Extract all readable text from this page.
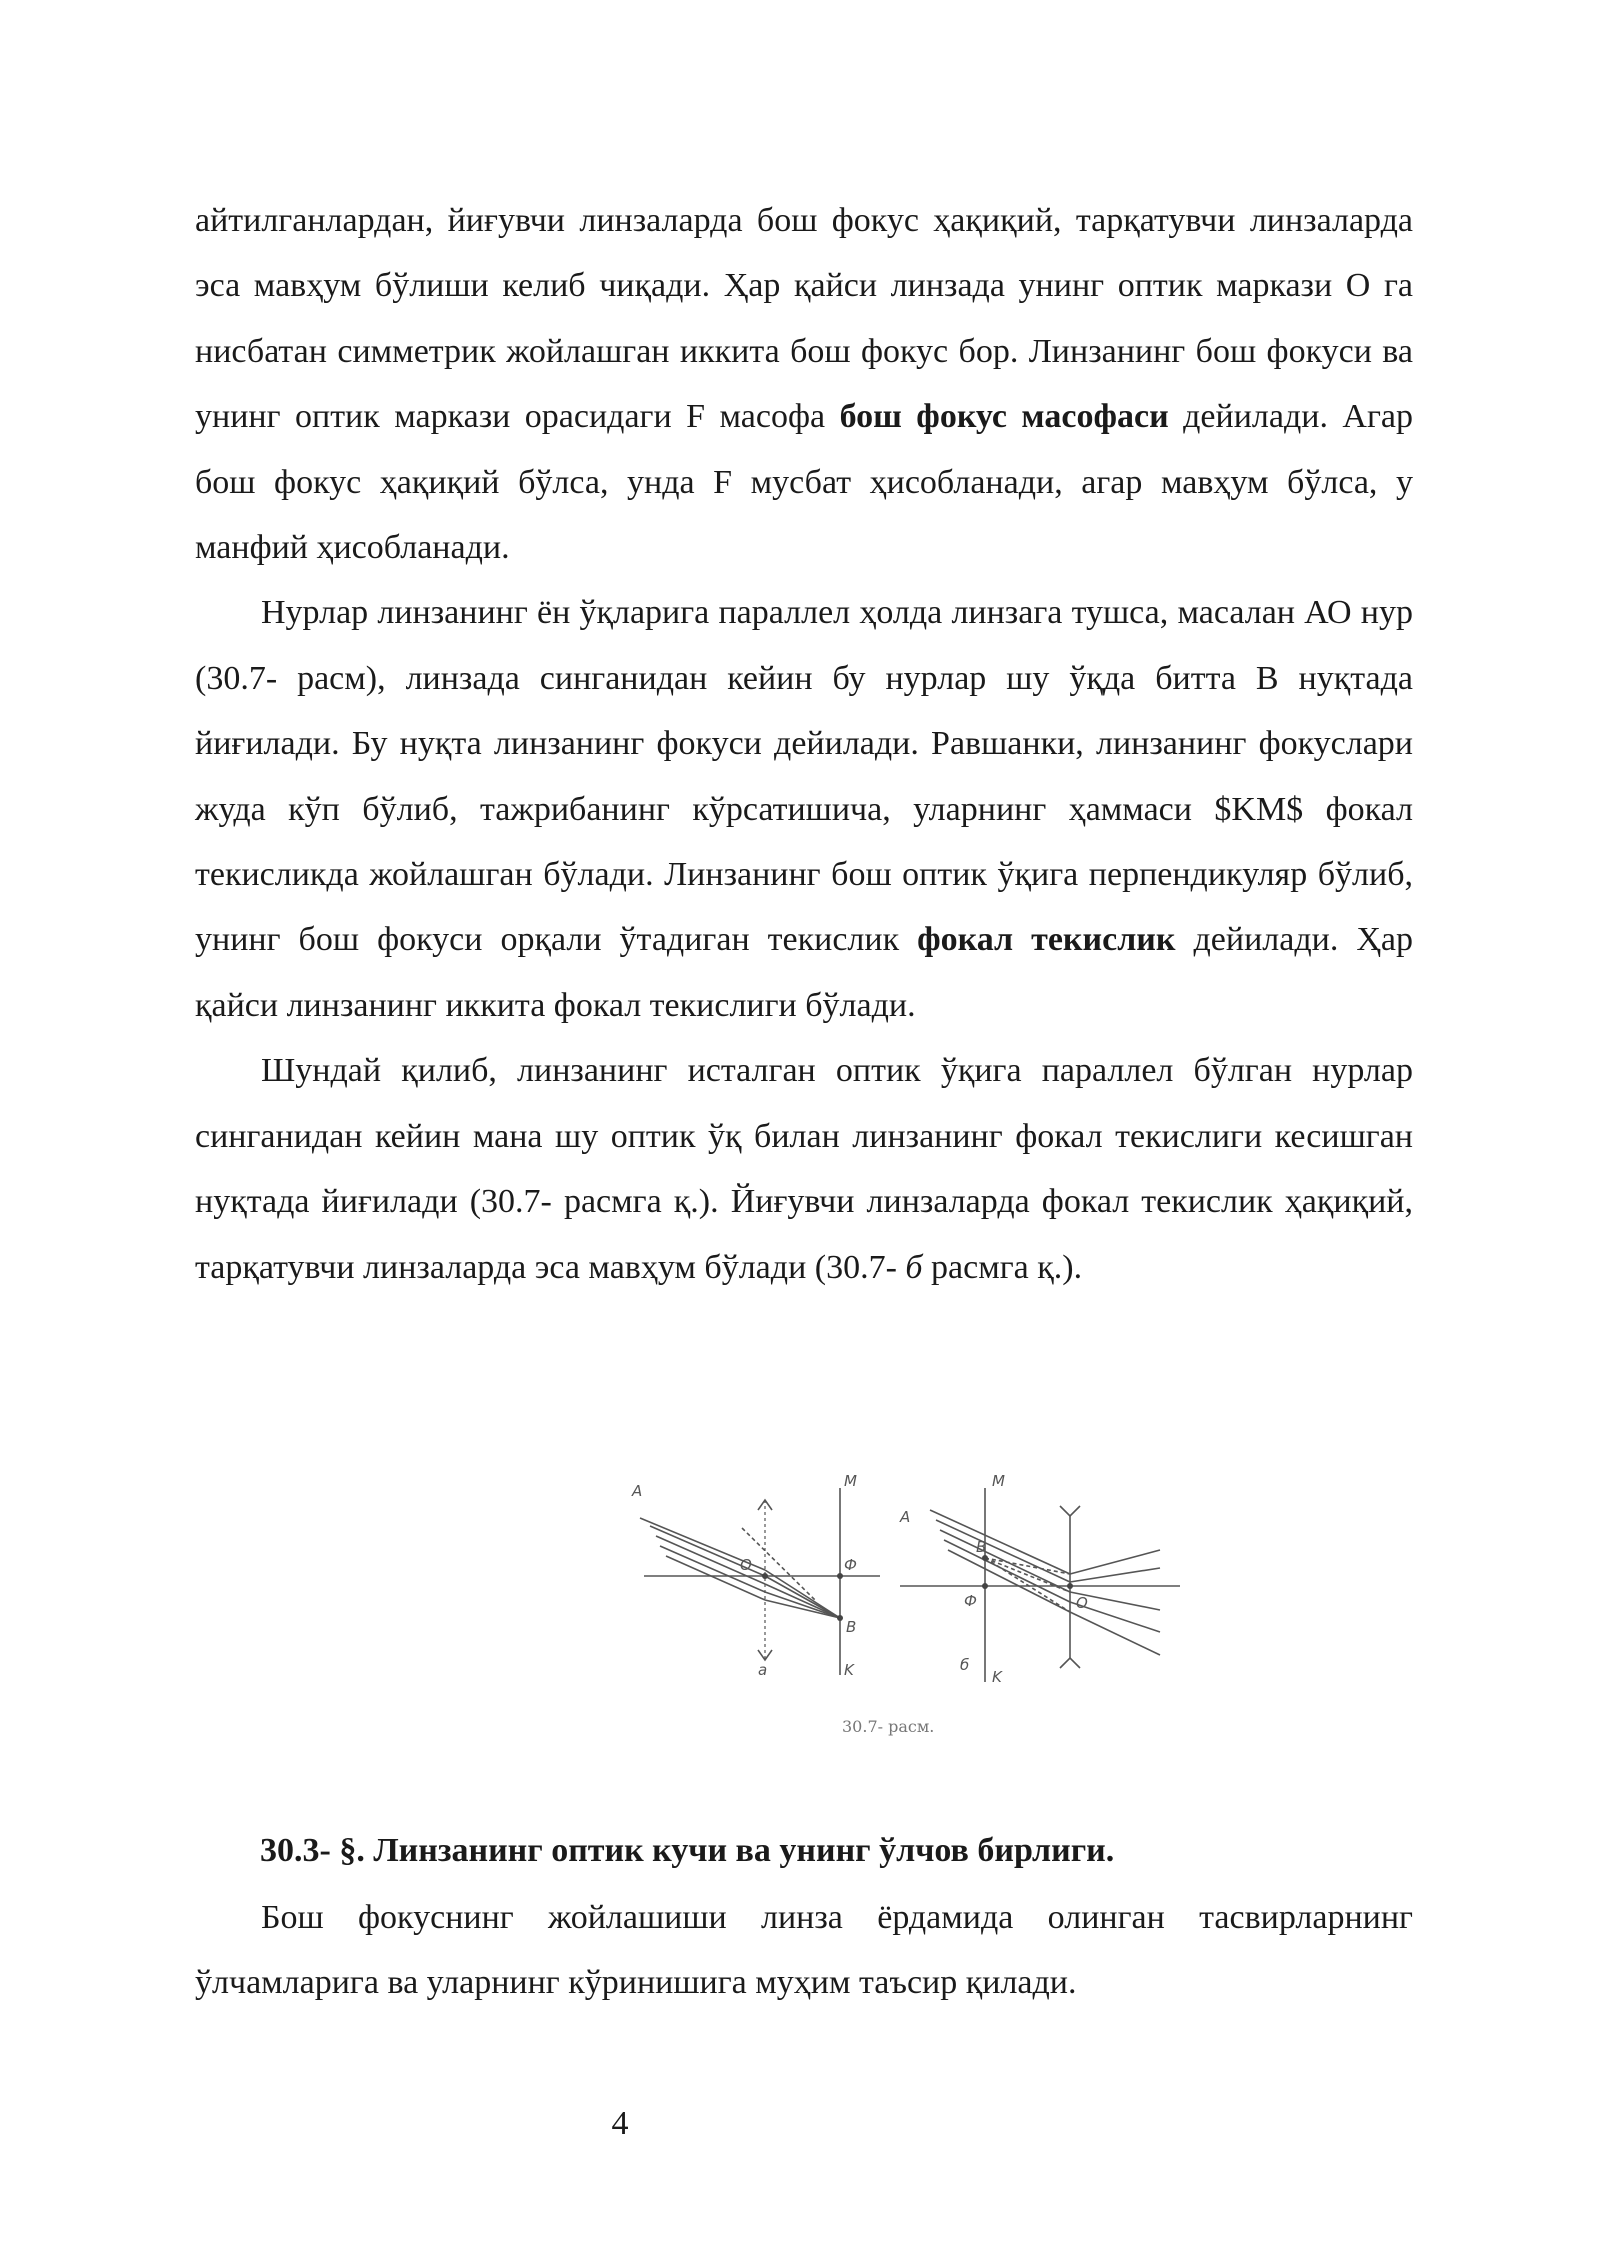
айтилганлардан, йиғувчи линзаларда бош фокус ҳақиқий, тарқатувчи линзаларда эса мавҳум бўлиши келиб чиқади. Ҳар қайси линзада унинг оптик маркази О га нисбатан симметрик жойлашган иккита бош фокус бор. Линзанинг бош фокуси ва унинг оптик маркази орасидаги F масофа бош фокус масофаси дейилади. Агар бош фокус ҳақиқий бўлса, унда F мусбат ҳисобланади, агар мавҳум бўлса, у манфий ҳисобланади.

Нурлар линзанинг ён ўқларига параллел ҳолда линзага тушса, масалан АО нур (30.7- расм), линзада синганидан кейин бу нурлар шу ўқда битта В нуқтада йиғилади. Бу нуқта линзанинг фокуси дейилади. Равшанки, линзанинг фокуслари жуда кўп бўлиб, тажрибанинг кўрсатишича, уларнинг ҳаммаси $KM$ фокал текисликда жойлашган бўлади. Линзанинг бош оптик ўқига перпендикуляр бўлиб, унинг бош фокуси орқали ўтадиган текислик фокал текислик дейилади. Ҳар қайси линзанинг иккита фокал текислиги бўлади.

Шундай қилиб, линзанинг исталган оптик ўқига параллел бўлган нурлар синганидан кейин мана шу оптик ўқ билан линзанинг фокал текислиги кесишган нуқтада йиғилади (30.7- расмга қ.). Йиғувчи линзаларда фокал текислик ҳақиқий, тарқатувчи линзаларда эса мавҳум бўлади (30.7- б расмга қ.).

A
M
O	Ф
B
K
а
A
M
B
Ф	O
K
б
30.7- расм.

30.3- §. Линзанинг оптик кучи ва унинг ўлчов бирлиги.

Бош фокуснинг жойлашиши линза ёрдамида олинган тасвирларнинг ўлчамларига ва уларнинг кўринишига муҳим таъсир қилади.

4
